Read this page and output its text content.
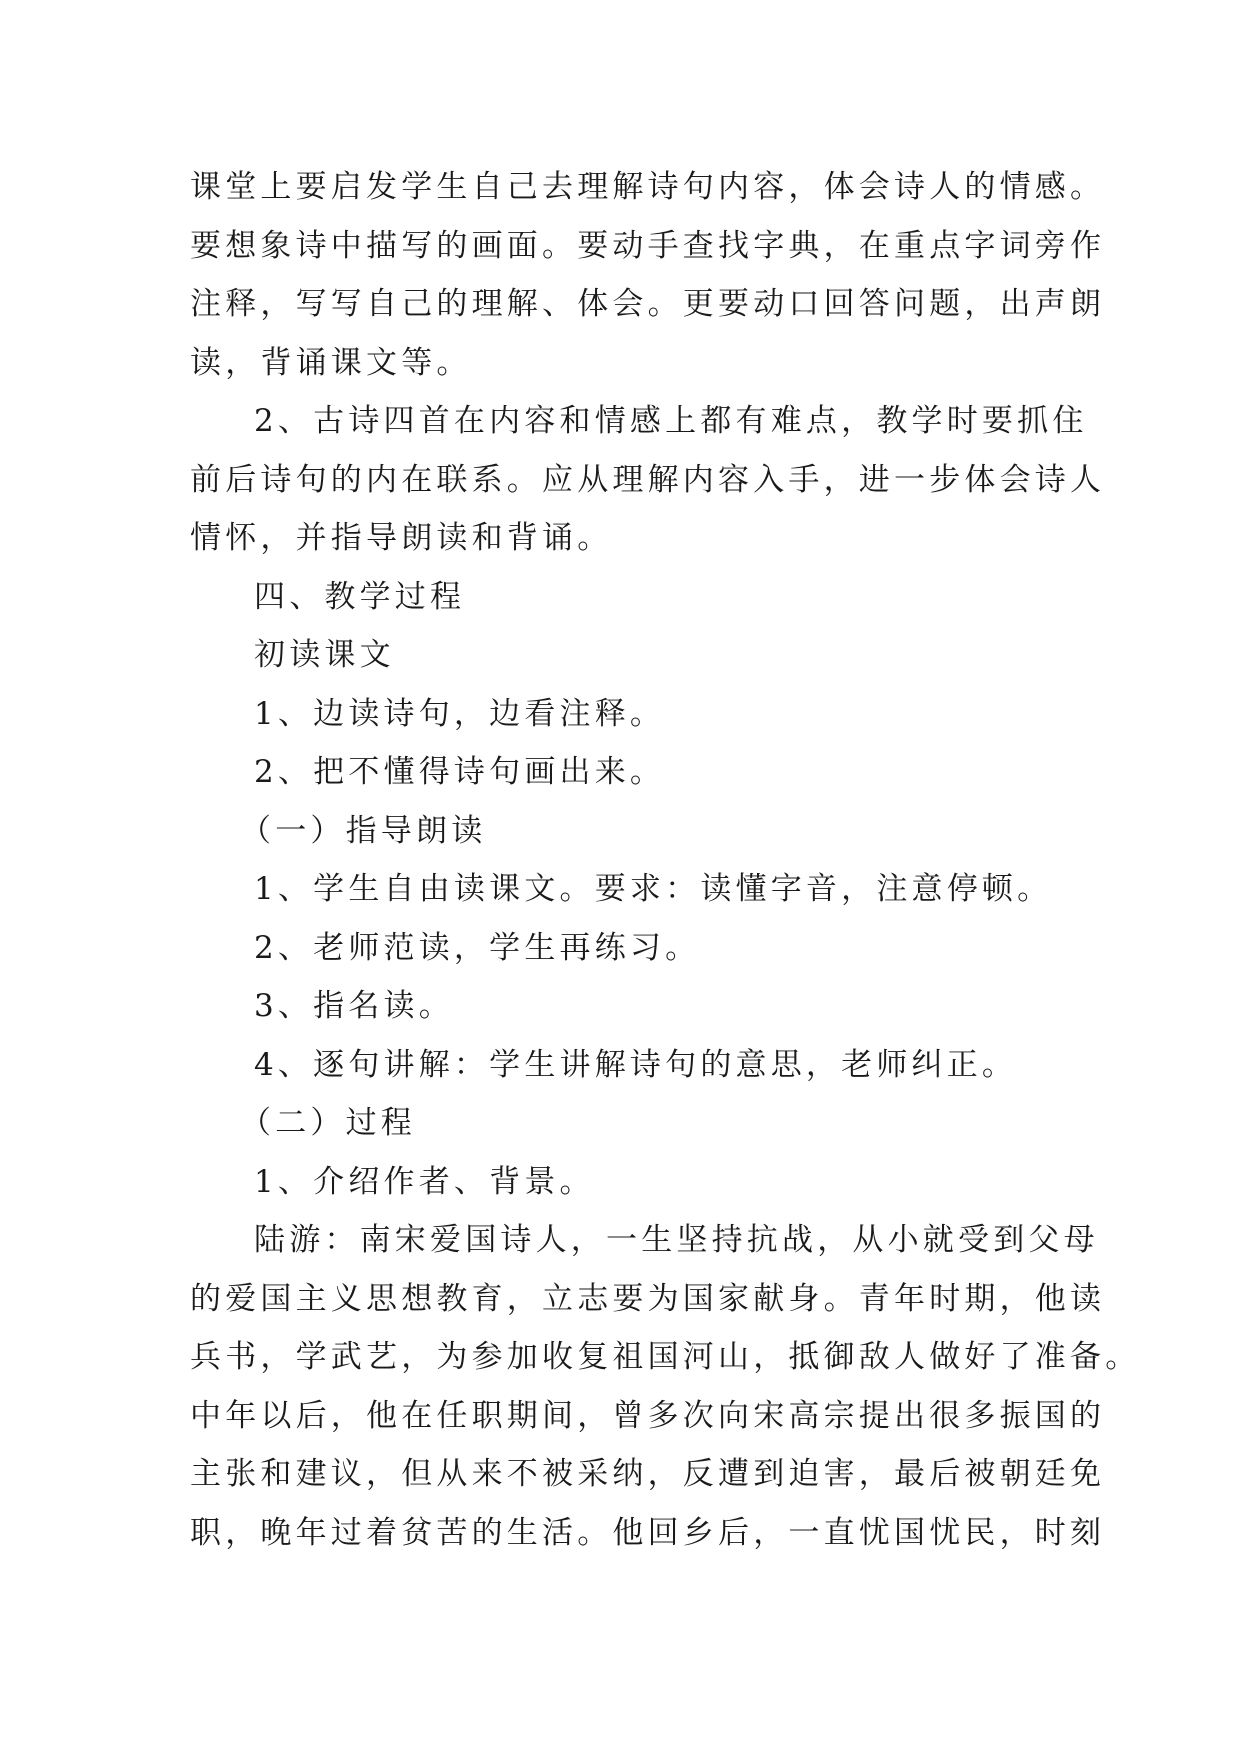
课堂上要启发学生自己去理解诗句内容，体会诗人的情感。
要想象诗中描写的画面。要动手查找字典，在重点字词旁作
注释，写写自己的理解、体会。更要动口回答问题，出声朗
读，背诵课文等。
2、古诗四首在内容和情感上都有难点，教学时要抓住
前后诗句的内在联系。应从理解内容入手，进一步体会诗人
情怀，并指导朗读和背诵。
四、教学过程
初读课文
1、边读诗句，边看注释。
2、把不懂得诗句画出来。
（一）指导朗读
1、学生自由读课文。要求：读懂字音，注意停顿。
2、老师范读，学生再练习。
3、指名读。
4、逐句讲解：学生讲解诗句的意思，老师纠正。
（二）过程
1、介绍作者、背景。
陆游：南宋爱国诗人，一生坚持抗战，从小就受到父母
的爱国主义思想教育，立志要为国家献身。青年时期，他读
兵书，学武艺，为参加收复祖国河山，抵御敌人做好了准备。
中年以后，他在任职期间，曾多次向宋高宗提出很多振国的
主张和建议，但从来不被采纳，反遭到迫害，最后被朝廷免
职，晚年过着贫苦的生活。他回乡后，一直忧国忧民，时刻
